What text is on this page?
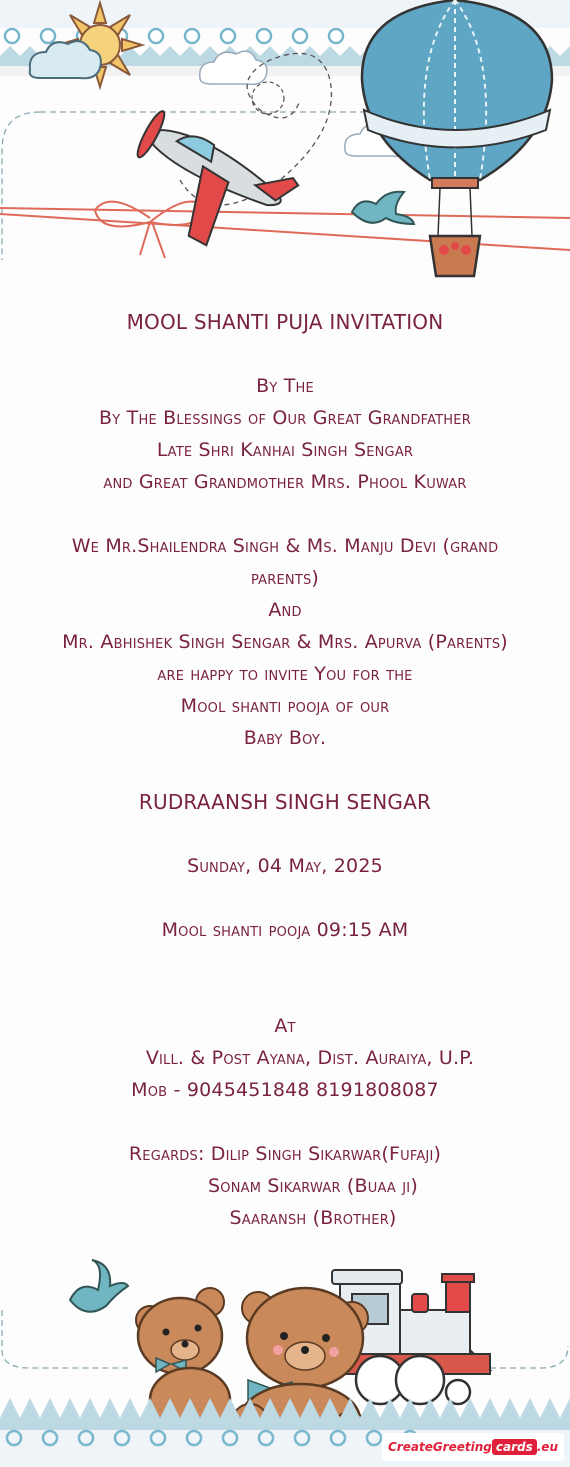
MOOL SHANTI PUJA INVITATION
By The
By The Blessings of Our Great Grandfather
Late Shri Kanhai Singh Sengar
and Great Grandmother Mrs. Phool Kuwar
We Mr.Shailendra Singh & Ms. Manju Devi (grand
parents)
And
Mr. Abhishek Singh Sengar & Mrs. Apurva (Parents)
are happy to invite You for the
Mool shanti pooja of our
Baby Boy.
RUDRAANSH SINGH SENGAR
Sunday, 04 May, 2025
Mool shanti pooja 09:15 AM
At
Vill. & Post Ayana, Dist. Auraiya, U.P.
Mob - 9045451848 8191808087
Regards: Dilip Singh Sikarwar(Fufaji)
Sonam Sikarwar (Buaa ji)
Saaransh (Brother)
CreateGreeting cards .eu
